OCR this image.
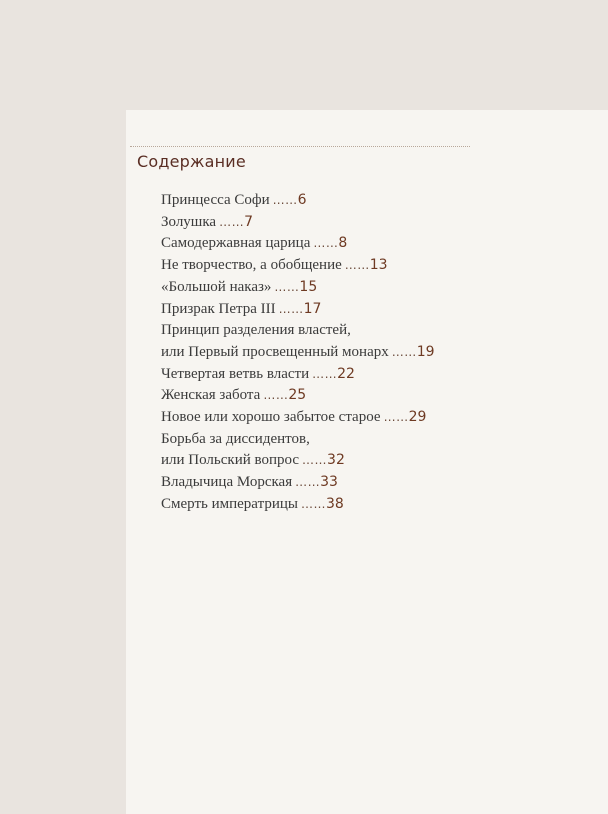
Содержание
Принцесса Софи ……6
Золушка ……7
Самодержавная царица ……8
Не творчество, а обобщение ……13
«Большой наказ» ……15
Призрак Петра III ……17
Принцип разделения властей,
или Первый просвещенный монарх ……19
Четвертая ветвь власти ……22
Женская забота ……25
Новое или хорошо забытое старое ……29
Борьба за диссидентов,
или Польский вопрос ……32
Владычица Морская ……33
Смерть императрицы ……38
